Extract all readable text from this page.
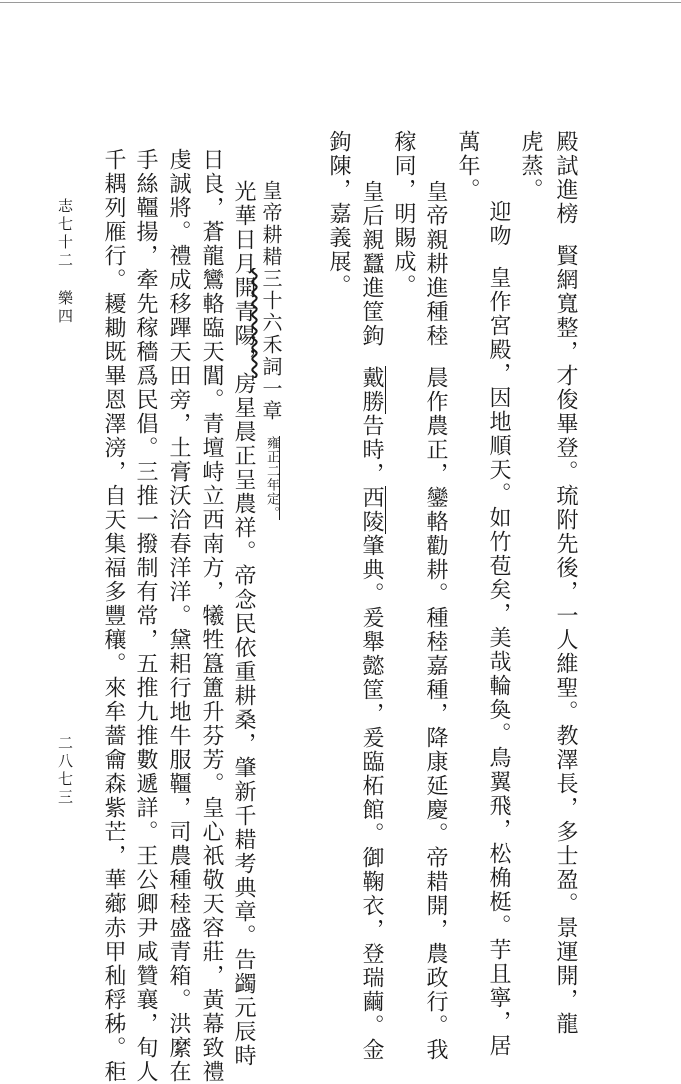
殿試進榜賢網寬整，才俊畢登。琉附先後，一人維聖。教澤長，多士盈。景運開，龍
虎蒸。
迎吻皇作宮殿，因地順天。如竹苞矣，美哉輪奐。鳥翼飛，松桷梃。芋且寧，居
萬年。
皇帝親耕進種稑晨作農正，鑾輅勸耕。種稑嘉種，降康延慶。帝耤開，農政行。我
稼同，明賜成。
皇后親蠶進筐鉤戴勝告時，西陵肇典。爰舉懿筐，爰臨柘館。御鞠衣，登瑞繭。金
鉤陳，嘉義展。
皇帝耕耤三十六禾詞一章雍正二年定。
光華日月開青陽，房星晨正呈農祥。帝念民依重耕桑，肇新千耤考典章。告蠲元辰時
日良，蒼龍鸞輅臨天閶。青壇峙立西南方，犧牲簋簠升芬芳。皇心祇敬天容莊，黃幕致禮
虔誠將。禮成移蹕天田旁，土膏沃洽春洋洋。黛耜行地牛服韁，司農種稑盛青箱。洪縻在
手絲韁揚，牽先稼穡爲民倡。三推一撥制有常，五推九推數遞詳。王公卿尹咸贊襄，旬人
千耦列雁行。耰耡既畢恩澤滂，自天集福多豐穰。來牟薔龠森紫芒，華薌赤甲秈稃秭。秬
志七十二
樂四
二八七三
